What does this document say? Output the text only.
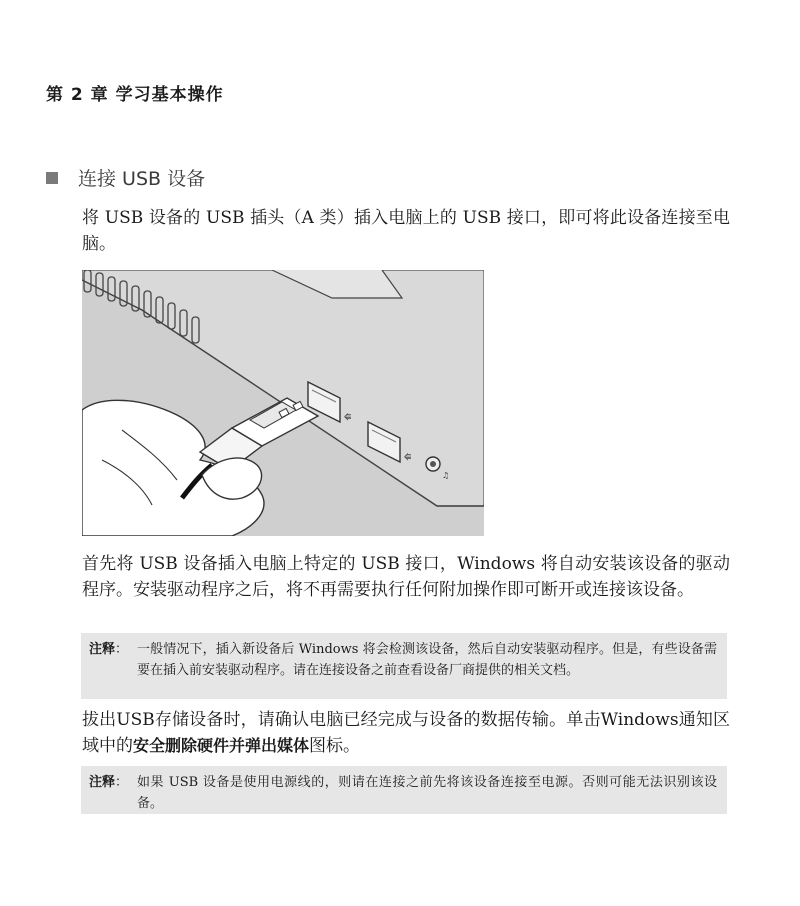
第 2 章 学习基本操作
连接 USB 设备
将 USB 设备的 USB 插头（A 类）插入电脑上的 USB 接口，即可将此设备连接至电脑。
⭅
⭅
♫
首先将 USB 设备插入电脑上特定的 USB 接口，Windows 将自动安装该设备的驱动程序。安装驱动程序之后，将不再需要执行任何附加操作即可断开或连接该设备。
注释： 一般情况下，插入新设备后 Windows 将会检测该设备，然后自动安装驱动程序。但是，有些设备需要在插入前安装驱动程序。请在连接设备之前查看设备厂商提供的相关文档。
拔出USB存储设备时，请确认电脑已经完成与设备的数据传输。单击Windows通知区域中的安全删除硬件并弹出媒体图标。
注释： 如果 USB 设备是使用电源线的，则请在连接之前先将该设备连接至电源。否则可能无法识别该设备。
